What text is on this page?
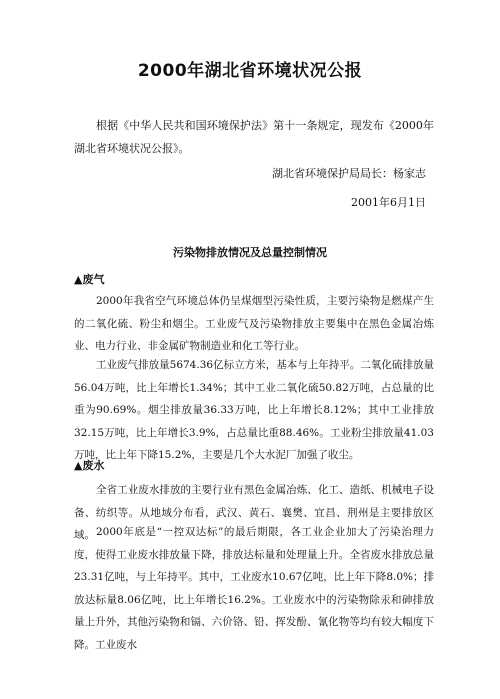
2000年湖北省环境状况公报
根据《中华人民共和国环境保护法》第十一条规定，现发布《2000年湖北省环境状况公报》。
湖北省环境保护局局长：杨家志
2001年6月1日
污染物排放情况及总量控制情况
▲废气
2000年我省空气环境总体仍呈煤烟型污染性质，主要污染物是燃煤产生的二氧化硫、粉尘和烟尘。工业废气及污染物排放主要集中在黑色金属冶炼业、电力行业、非金属矿物制造业和化工等行业。
工业废气排放量5674.36亿标立方米，基本与上年持平。二氧化硫排放量56.04万吨，比上年增长1.34%；其中工业二氧化硫50.82万吨，占总量的比重为90.69%。烟尘排放量36.33万吨，比上年增长8.12%；其中工业排放32.15万吨，比上年增长3.9%，占总量比重88.46%。工业粉尘排放量41.03万吨，比上年下降15.2%，主要是几个大水泥厂加强了收尘。
▲废水
全省工业废水排放的主要行业有黑色金属冶炼、化工、造纸、机械电子设备、纺织等。从地域分布看，武汉、黄石、襄樊、宜昌、荆州是主要排放区域。 2000年底是“一控双达标”的最后期限，各工业企业加大了污染治理力度，使得工业废水排放量下降，排放达标量和处理量上升。全省废水排放总量23.31亿吨，与上年持平。其中，工业废水10.67亿吨，比上年下降8.0%；排放达标量8.06亿吨，比上年增长16.2%。工业废水中的污染物除汞和砷排放量上升外，其他污染物和镉、六价铬、铅、挥发酚、氰化物等均有较大幅度下降。工业废水
